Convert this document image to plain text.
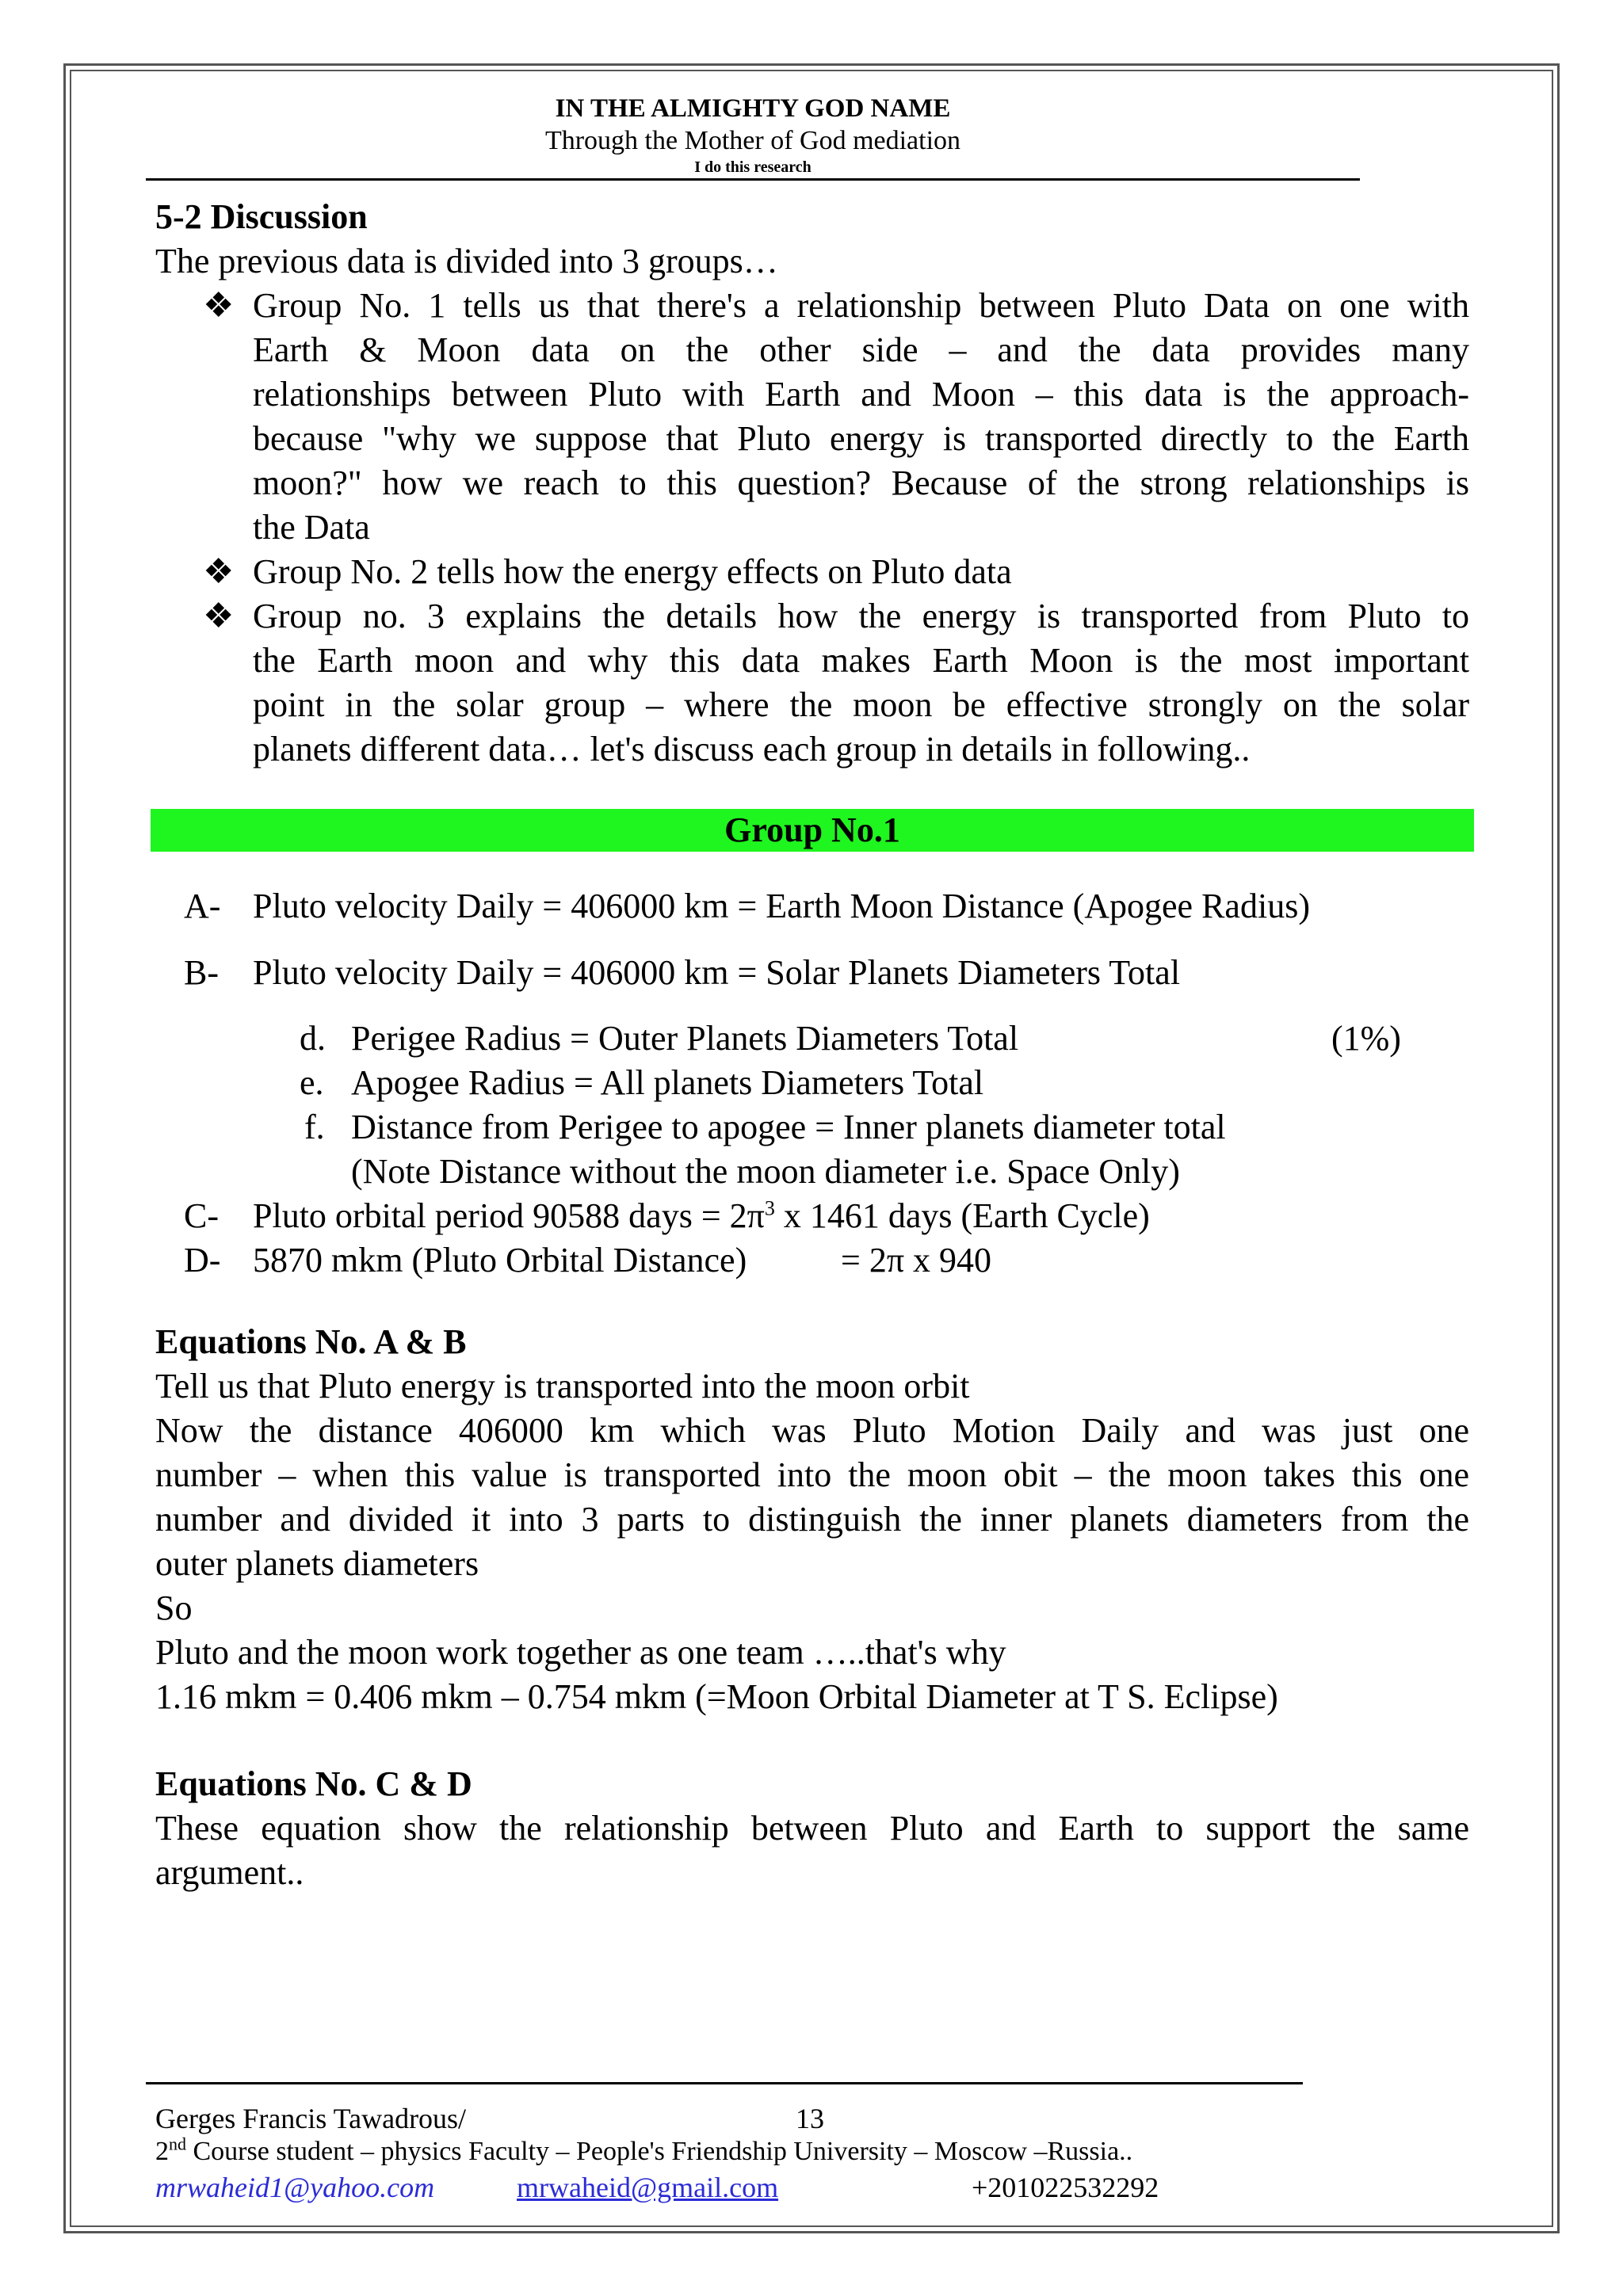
IN THE ALMIGHTY GOD NAME
Through the Mother of God mediation
I do this research
5-2 Discussion
The previous data is divided into 3 groups…
❖ Group No. 1 tells us that there's a relationship between Pluto Data on one with
Earth & Moon data on the other side – and the data provides many
relationships between Pluto with Earth and Moon – this data is the approach-
because "why we suppose that Pluto energy is transported directly to the Earth
moon?" how we reach to this question? Because of the strong relationships is
the Data
❖ Group No. 2 tells how the energy effects on Pluto data
❖ Group no. 3 explains the details how the energy is transported from Pluto to
the Earth moon and why this data makes Earth Moon is the most important
point in the solar group – where the moon be effective strongly on the solar
planets different data… let's discuss each group in details in following..
Group No.1
A- Pluto velocity Daily = 406000 km = Earth Moon Distance (Apogee Radius)
B- Pluto velocity Daily = 406000 km = Solar Planets Diameters Total
d. Perigee Radius = Outer Planets Diameters Total	(1%)
e. Apogee Radius = All planets Diameters Total
f. Distance from Perigee to apogee = Inner planets diameter total
(Note Distance without the moon diameter i.e. Space Only)
C- Pluto orbital period 90588 days = $2\pi^3$ x 1461 days (Earth Cycle)
D- 5870 mkm (Pluto Orbital Distance)	= 2π x 940
Equations No. A & B
Tell us that Pluto energy is transported into the moon orbit
Now the distance 406000 km which was Pluto Motion Daily and was just one
number – when this value is transported into the moon obit – the moon takes this one
number and divided it into 3 parts to distinguish the inner planets diameters from the
outer planets diameters
So
Pluto and the moon work together as one team …..that's why
1.16 mkm = 0.406 mkm – 0.754 mkm (=Moon Orbital Diameter at T S. Eclipse)
Equations No. C & D
These equation show the relationship between Pluto and Earth to support the same
argument..
Gerges Francis Tawadrous/	13
2nd Course student – physics Faculty – People's Friendship University – Moscow –Russia..
mrwaheid1@yahoo.com	mrwaheid@gmail.com	+201022532292
